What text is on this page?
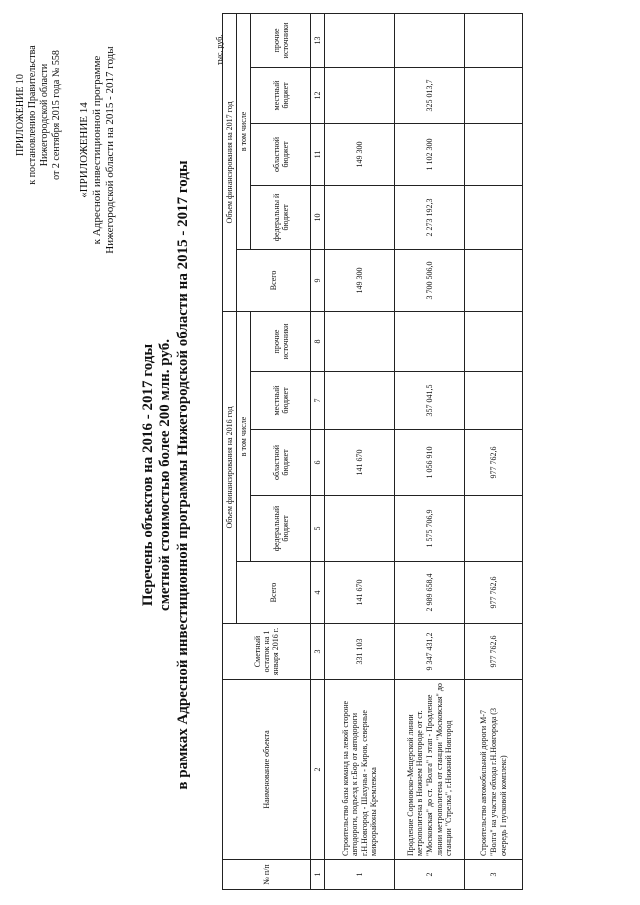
ПРИЛОЖЕНИЕ 10 к постановлению Правительства Нижегородской области от 2 сентября 2015 года № 558 «ПРИЛОЖЕНИЕ 14 к Адресной инвестиционной программе Нижегородской области на 2015 - 2017 годы
Перечень объектов на 2016 - 2017 годы сметной стоимостью более 200 млн. руб. в рамках Адресной инвестиционной программы Нижегородской области на 2015 - 2017 годы
тыс. руб.
№ п/п	Наименование объекта	Сметный остаток на 1 января 2016 г.	Объем финансирования на 2016 год					Объем финансирования на 2017 год				
			Всего	в том числе				Всего	в том числе			
				федеральный бюджет	областной бюджет	местный бюджет	прочие источники		федеральны й бюджет	областной бюджет	местный бюджет	прочие источники
1	2	3	4	5	6	7	8	9	10	11	12	13
1	Строительство базы команд на левой стороне автодороги, подъезд к г.Бор от автодороги г.Н.Новгород - Шахунья - Киров, северные микрорайоны Кремлевска	331 103	141 670		141 670			149 300		149 300		
2	Продление Сормовско-Мещерской линии метрополитена в Нижнем Новгороде от ст. "Московская" до ст. "Волга" I этап - Продление линии метрополитена от станции "Московская" до станции "Стрелка", г.Нижний Новгород	9 347 431,2	2 989 658,4	1 575 706,9	1 056 910	357 041,5		3 700 506,0	2 273 192,3	1 102 300	325 013,7	
3	Строительство автомобильной дороги М-7 "Волга" на участке обхода г.Н.Новгорода (3 очередь I пусковой комплекс)	977 762,6	977 762,6		977 762,6							
